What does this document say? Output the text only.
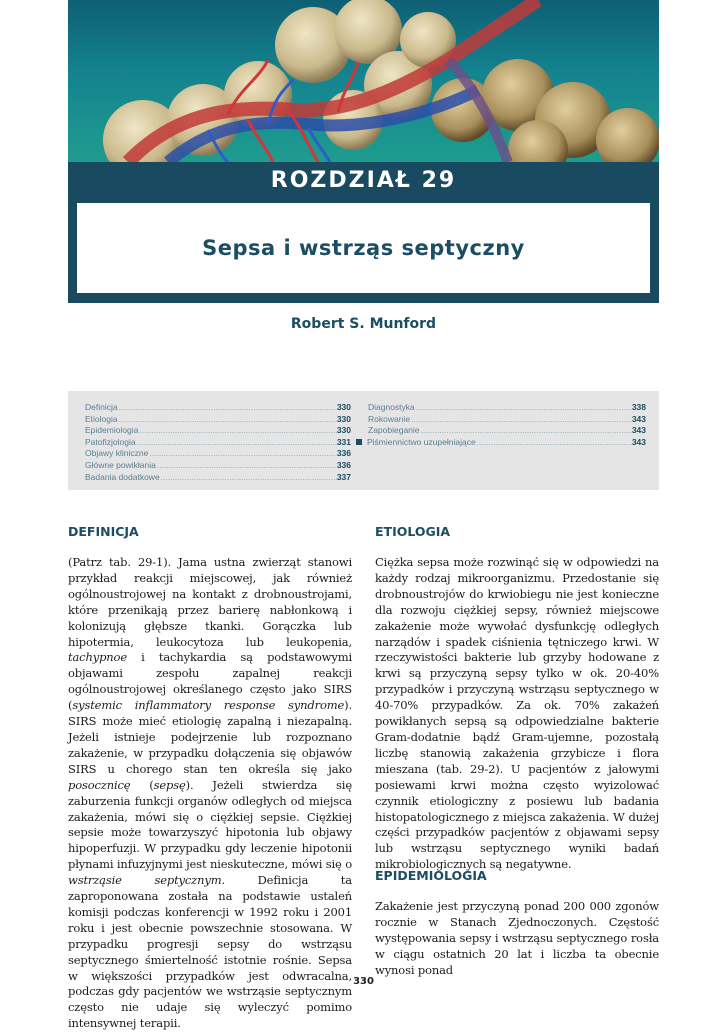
ROZDZIAŁ 29
Sepsa i wstrząs septyczny
Robert S. Munford
Definicja .....	330
Etiologia .....	330
Epidemiologia .....	330
Patofizjologia .....	331
Objawy kliniczne .....	336
Główne powikłania .....	336
Badania dodatkowe .....	337
Diagnostyka .....	338
Rokowanie .....	343
Zapobieganie .....	343
Piśmiennictwo uzupełniające .....	343
DEFINICJA

(Patrz tab. 29-1). Jama ustna zwierząt stanowi przykład reakcji miejscowej, jak również ogólnoustrojowej na kontakt z drobnoustrojami, które przenikają przez barierę nabłonkową i kolonizują głębsze tkanki. Gorączka lub hipotermia, leukocytoza lub leukopenia, tachypnoe i tachykardia są podstawowymi objawami zespołu zapalnej reakcji ogólnoustrojowej określanego często jako SIRS (systemic inflammatory response syndrome). SIRS może mieć etiologię zapalną i niezapalną. Jeżeli istnieje podejrzenie lub rozpoznano zakażenie, w przypadku dołączenia się objawów SIRS u chorego stan ten określa się jako posocznicę (sepsę). Jeżeli stwierdza się zaburzenia funkcji organów odległych od miejsca zakażenia, mówi się o ciężkiej sepsie. Ciężkiej sepsie może towarzyszyć hipotonia lub objawy hipoperfuzji. W przypadku gdy leczenie hipotonii płynami infuzyjnymi jest nieskuteczne, mówi się o wstrząsie septycznym. Definicja ta zaproponowana została na podstawie ustaleń komisji podczas konferencji w 1992 roku i 2001 roku i jest obecnie powszechnie stosowana. W przypadku progresji sepsy do wstrząsu septycznego śmiertelność istotnie rośnie. Sepsa w większości przypadków jest odwracalna, podczas gdy pacjentów we wstrząsie septycznym często nie udaje się wyleczyć pomimo intensywnej terapii.

ETIOLOGIA

Ciężka sepsa może rozwinąć się w odpowiedzi na każdy rodzaj mikroorganizmu. Przedostanie się drobnoustrojów do krwiobiegu nie jest konieczne dla rozwoju ciężkiej sepsy, również miejscowe zakażenie może wywołać dysfunkcję odległych narządów i spadek ciśnienia tętniczego krwi. W rzeczywistości bakterie lub grzyby hodowane z krwi są przyczyną sepsy tylko w ok. 20-40% przypadków i przyczyną wstrząsu septycznego w 40-70% przypadków. Za ok. 70% zakażeń powikłanych sepsą są odpowiedzialne bakterie Gram-dodatnie bądź Gram-ujemne, pozostałą liczbę stanowią zakażenia grzybicze i flora mieszana (tab. 29-2). U pacjentów z jałowymi posiewami krwi można często wyizolować czynnik etiologiczny z posiewu lub badania histopatologicznego z miejsca zakażenia. W dużej części przypadków pacjentów z objawami sepsy lub wstrząsu septycznego wyniki badań mikrobiologicznych są negatywne.

EPIDEMIOLOGIA

Zakażenie jest przyczyną ponad 200 000 zgonów rocznie w Stanach Zjednoczonych. Częstość występowania sepsy i wstrząsu septycznego rosła w ciągu ostatnich 20 lat i liczba ta obecnie wynosi ponad

330
